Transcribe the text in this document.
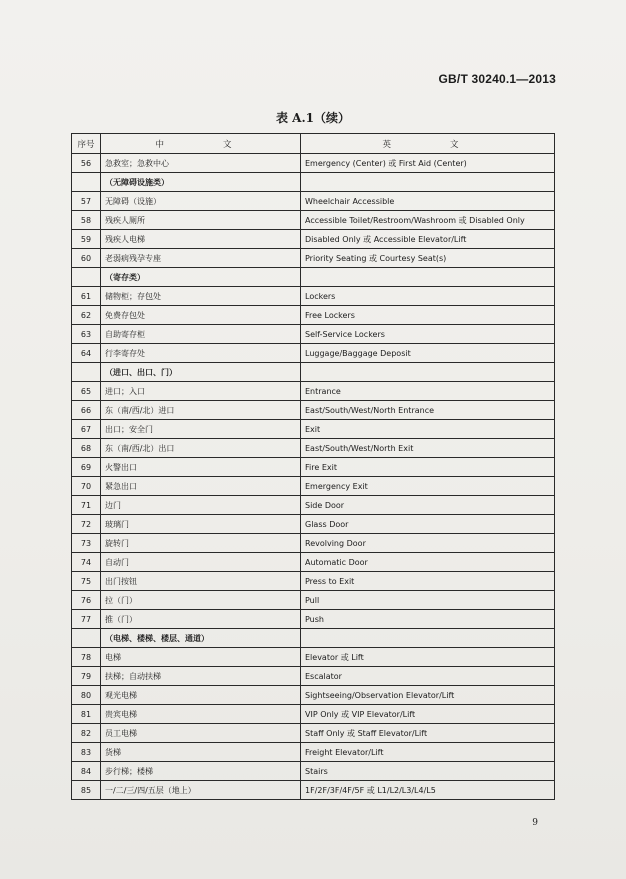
GB/T 30240.1—2013
表 A.1（续）
序号	中　　文	英　　文
56	急救室；急救中心	Emergency (Center) 或 First Aid (Center)
	（无障碍设施类）	
57	无障碍（设施）	Wheelchair Accessible
58	残疾人厕所	Accessible Toilet/Restroom/Washroom 或 Disabled Only
59	残疾人电梯	Disabled Only 或 Accessible Elevator/Lift
60	老弱病残孕专座	Priority Seating 或 Courtesy Seat(s)
	（寄存类）	
61	储物柜；存包处	Lockers
62	免费存包处	Free Lockers
63	自助寄存柜	Self-Service Lockers
64	行李寄存处	Luggage/Baggage Deposit
	（进口、出口、门）	
65	进口；入口	Entrance
66	东（南/西/北）进口	East/South/West/North Entrance
67	出口；安全门	Exit
68	东（南/西/北）出口	East/South/West/North Exit
69	火警出口	Fire Exit
70	紧急出口	Emergency Exit
71	边门	Side Door
72	玻璃门	Glass Door
73	旋转门	Revolving Door
74	自动门	Automatic Door
75	出门按钮	Press to Exit
76	拉（门）	Pull
77	推（门）	Push
	（电梯、楼梯、楼层、通道）	
78	电梯	Elevator 或 Lift
79	扶梯；自动扶梯	Escalator
80	观光电梯	Sightseeing/Observation Elevator/Lift
81	贵宾电梯	VIP Only 或 VIP Elevator/Lift
82	员工电梯	Staff Only 或 Staff Elevator/Lift
83	货梯	Freight Elevator/Lift
84	步行梯；楼梯	Stairs
85	一/二/三/四/五层（地上）	1F/2F/3F/4F/5F 或 L1/L2/L3/L4/L5
9
